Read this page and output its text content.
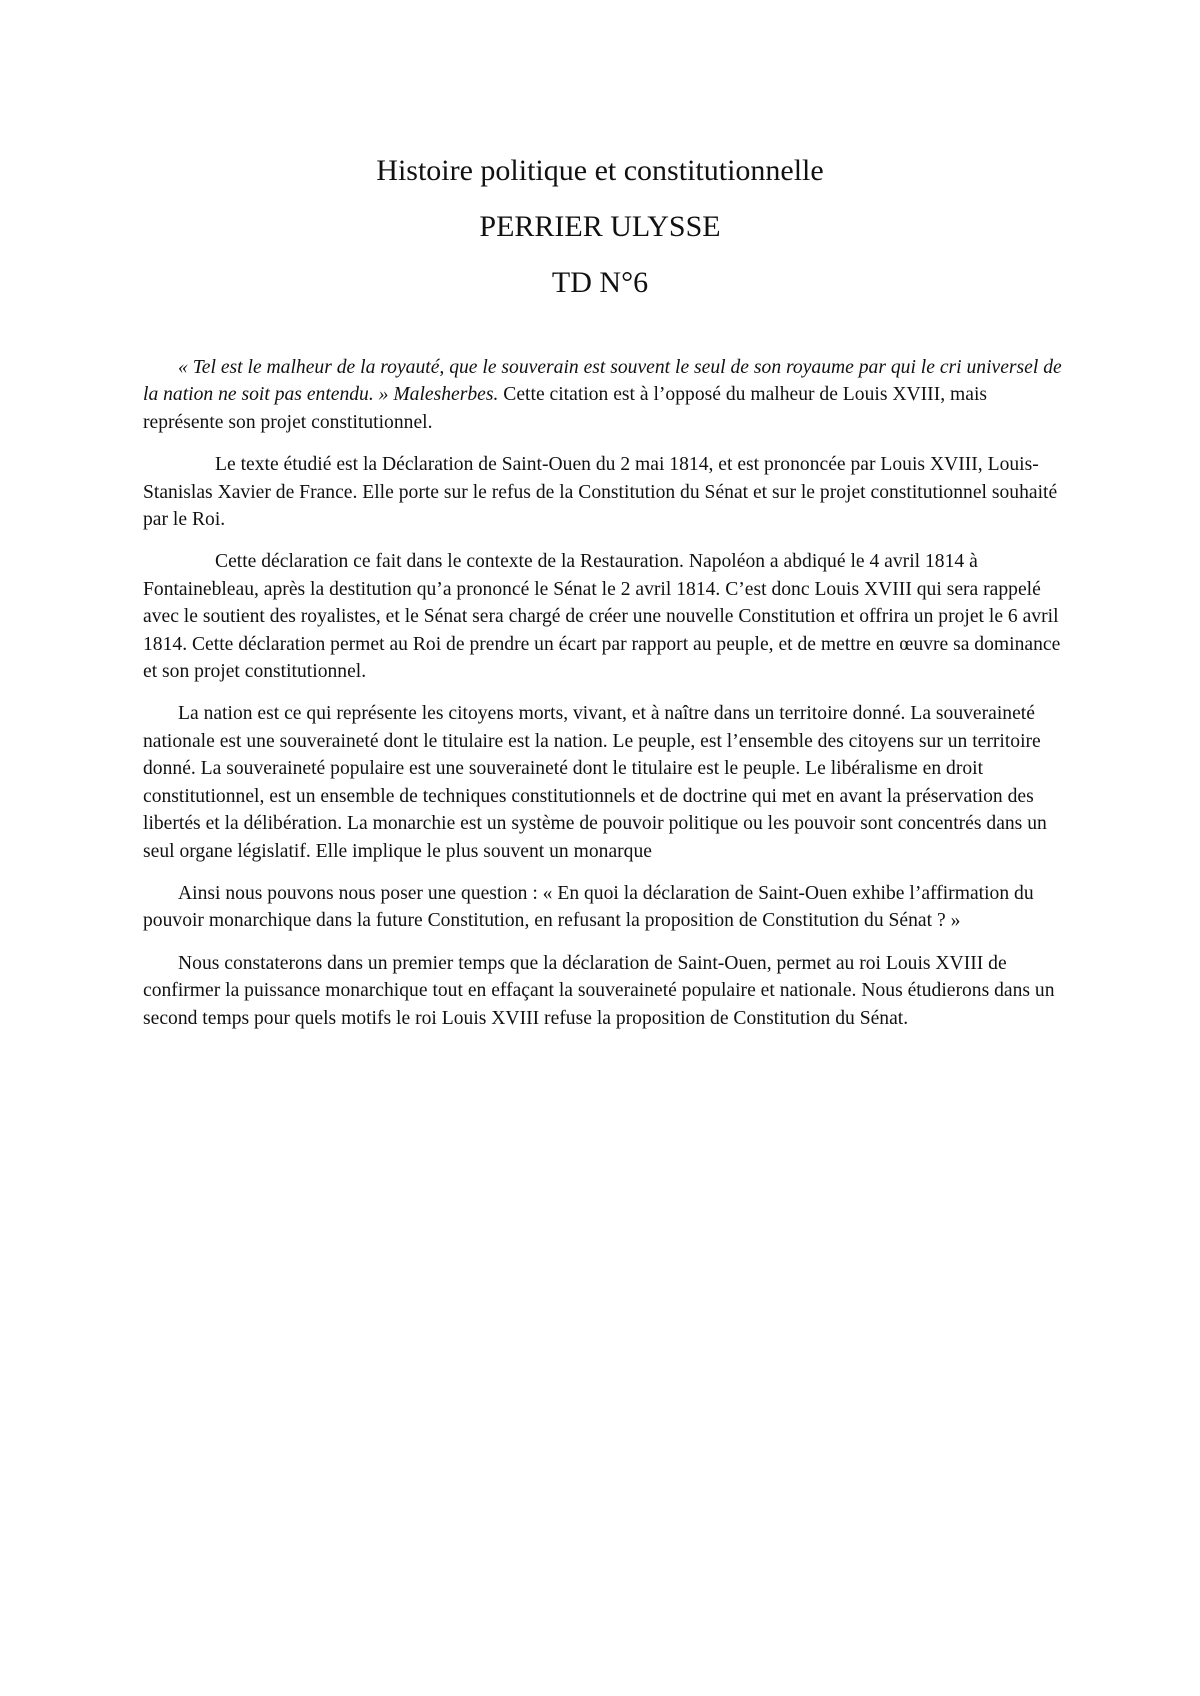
Histoire politique et constitutionnelle
PERRIER ULYSSE
TD N°6

« Tel est le malheur de la royauté, que le souverain est souvent le seul de son royaume par qui le cri universel de la nation ne soit pas entendu. » Malesherbes. Cette citation est à l’opposé du malheur de Louis XVIII, mais représente son projet constitutionnel.

Le texte étudié est la Déclaration de Saint-Ouen du 2 mai 1814, et est prononcée par Louis XVIII, Louis-Stanislas Xavier de France. Elle porte sur le refus de la Constitution du Sénat et sur le projet constitutionnel souhaité par le Roi.

Cette déclaration ce fait dans le contexte de la Restauration. Napoléon a abdiqué le 4 avril 1814 à Fontainebleau, après la destitution qu’a prononcé le Sénat le 2 avril 1814. C’est donc Louis XVIII qui sera rappelé avec le soutient des royalistes, et le Sénat sera chargé de créer une nouvelle Constitution et offrira un projet le 6 avril 1814. Cette déclaration permet au Roi de prendre un écart par rapport au peuple, et de mettre en œuvre sa dominance et son projet constitutionnel.

La nation est ce qui représente les citoyens morts, vivant, et à naître dans un territoire donné. La souveraineté nationale est une souveraineté dont le titulaire est la nation. Le peuple, est l’ensemble des citoyens sur un territoire donné. La souveraineté populaire est une souveraineté dont le titulaire est le peuple. Le libéralisme en droit constitutionnel, est un ensemble de techniques constitutionnels et de doctrine qui met en avant la préservation des libertés et la délibération. La monarchie est un système de pouvoir politique ou les pouvoir sont concentrés dans un seul organe législatif. Elle implique le plus souvent un monarque

Ainsi nous pouvons nous poser une question : « En quoi la déclaration de Saint-Ouen exhibe l’affirmation du pouvoir monarchique dans la future Constitution, en refusant la proposition de Constitution du Sénat ? »

Nous constaterons dans un premier temps que la déclaration de Saint-Ouen, permet au roi Louis XVIII de confirmer la puissance monarchique tout en effaçant la souveraineté populaire et nationale. Nous étudierons dans un second temps pour quels motifs le roi Louis XVIII refuse la proposition de Constitution du Sénat.
